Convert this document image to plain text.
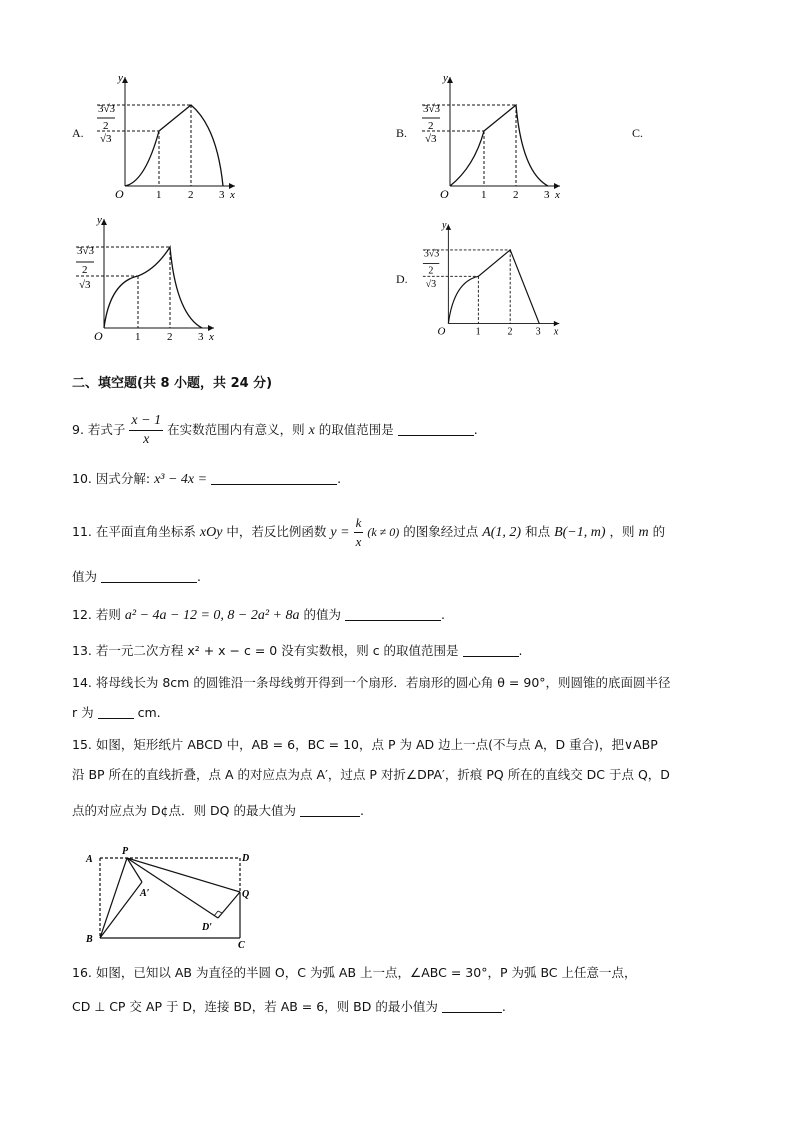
A.
y
x
O	1 2 3
3√3
2
√3	B.
y
x
O	1 2 3
3√3
2
√3	C.
y
x
O	1 2 3
3√3
2
√3	D.
y
x
O	1 2 3
3√3
2
√3
二、填空题(共 8 小题，共 24 分)
9. 若式子 $\frac{x - 1}{x}$ 在实数范围内有意义，则 x 的取值范围是	.
10. 因式分解: x³ − 4x =	.
11. 在平面直角坐标系 xOy 中，若反比例函数 $y = \frac{k}{x} (k \ne 0)$ 的图象经过点 A(1, 2) 和点 B(−1, m) ，则 m 的
值为	.
12. 若则 a² − 4a − 12 = 0, 8 − 2a² + 8a 的值为	.
13. 若一元二次方程 x² + x − c = 0 没有实数根，则 c 的取值范围是	.
14. 将母线长为 8cm 的圆锥沿一条母线剪开得到一个扇形．若扇形的圆心角 θ = 90°，则圆锥的底面圆半径
r 为	cm.
15. 如图，矩形纸片 ABCD 中，AB = 6，BC = 10，点 P 为 AD 边上一点(不与点 A，D 重合)，把∨ABP
沿 BP 所在的直线折叠，点 A 的对应点为点 A′，过点 P 对折∠DPA′，折痕 PQ 所在的直线交 DC 于点 Q，D
点的对应点为 D¢点．则 DQ 的最大值为	.
A
P
D
A′	Q
D′
B
C
16. 如图，已知以 AB 为直径的半圆 O，C 为弧 AB 上一点，∠ABC = 30°，P 为弧 BC 上任意一点，
CD ⊥ CP 交 AP 于 D，连接 BD，若 AB = 6，则 BD 的最小值为	.
